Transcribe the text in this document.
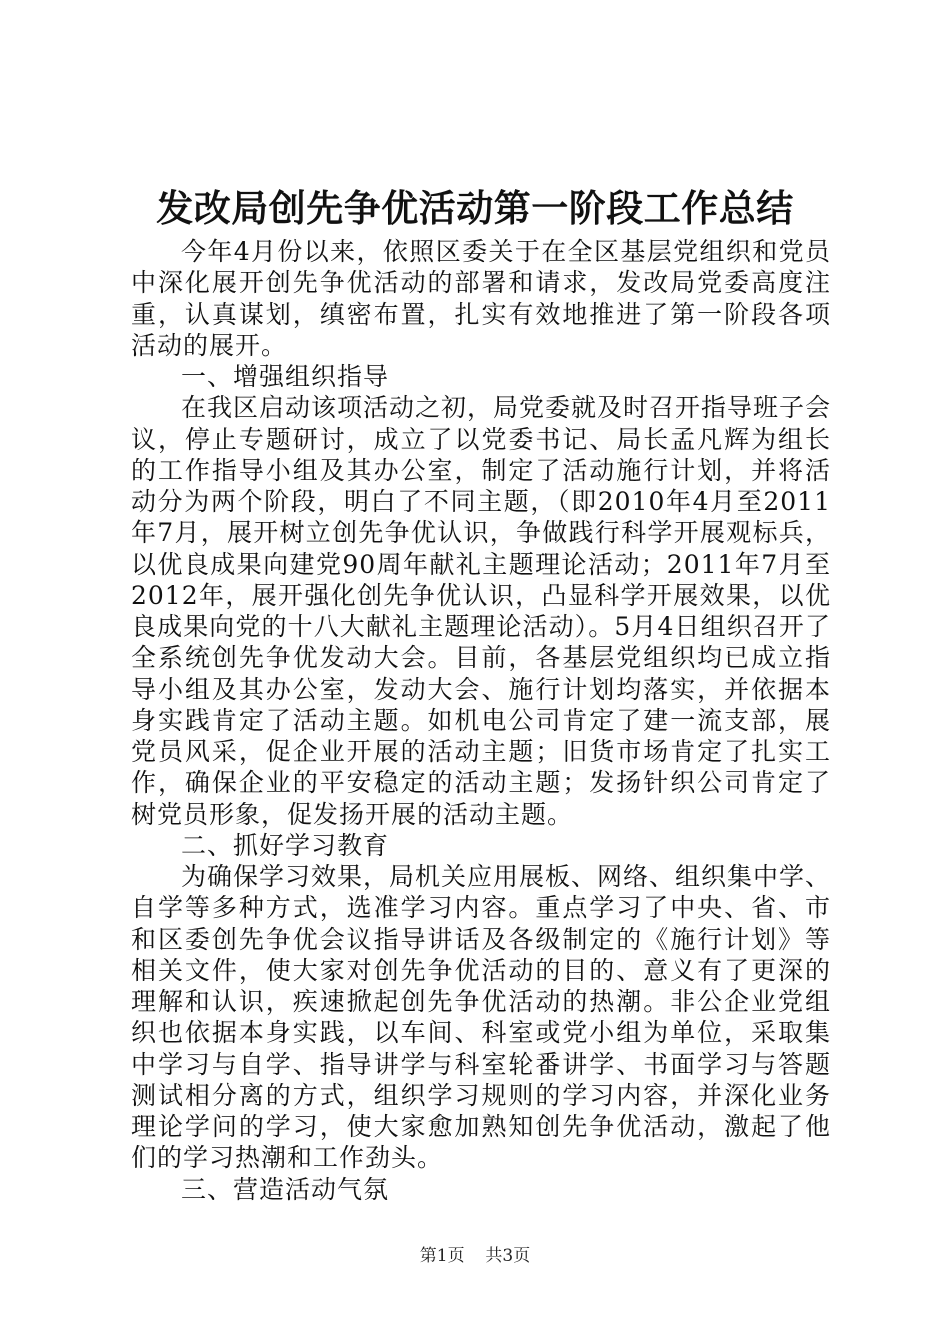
发改局创先争优活动第一阶段工作总结

今年4月份以来，依照区委关于在全区基层党组织和党员中深化展开创先争优活动的部署和请求，发改局党委高度注重，认真谋划，缜密布置，扎实有效地推进了第一阶段各项活动的展开。

一、增强组织指导

在我区启动该项活动之初，局党委就及时召开指导班子会议，停止专题研讨，成立了以党委书记、局长孟凡辉为组长的工作指导小组及其办公室，制定了活动施行计划，并将活动分为两个阶段，明白了不同主题，（即2010年4月至2011年7月，展开树立创先争优认识，争做践行科学开展观标兵，以优良成果向建党90周年献礼主题理论活动；2011年7月至2012年，展开强化创先争优认识，凸显科学开展效果，以优良成果向党的十八大献礼主题理论活动）。5月4日组织召开了全系统创先争优发动大会。目前，各基层党组织均已成立指导小组及其办公室，发动大会、施行计划均落实，并依据本身实践肯定了活动主题。如机电公司肯定了建一流支部，展党员风采，促企业开展的活动主题；旧货市场肯定了扎实工作，确保企业的平安稳定的活动主题；发扬针织公司肯定了树党员形象，促发扬开展的活动主题。

二、抓好学习教育

为确保学习效果，局机关应用展板、网络、组织集中学、自学等多种方式，选准学习内容。重点学习了中央、省、市和区委创先争优会议指导讲话及各级制定的《施行计划》等相关文件，使大家对创先争优活动的目的、意义有了更深的理解和认识，疾速掀起创先争优活动的热潮。非公企业党组织也依据本身实践，以车间、科室或党小组为单位，采取集中学习与自学、指导讲学与科室轮番讲学、书面学习与答题测试相分离的方式，组织学习规则的学习内容，并深化业务理论学问的学习，使大家愈加熟知创先争优活动，激起了他们的学习热潮和工作劲头。

三、营造活动气氛

第1页 共3页
